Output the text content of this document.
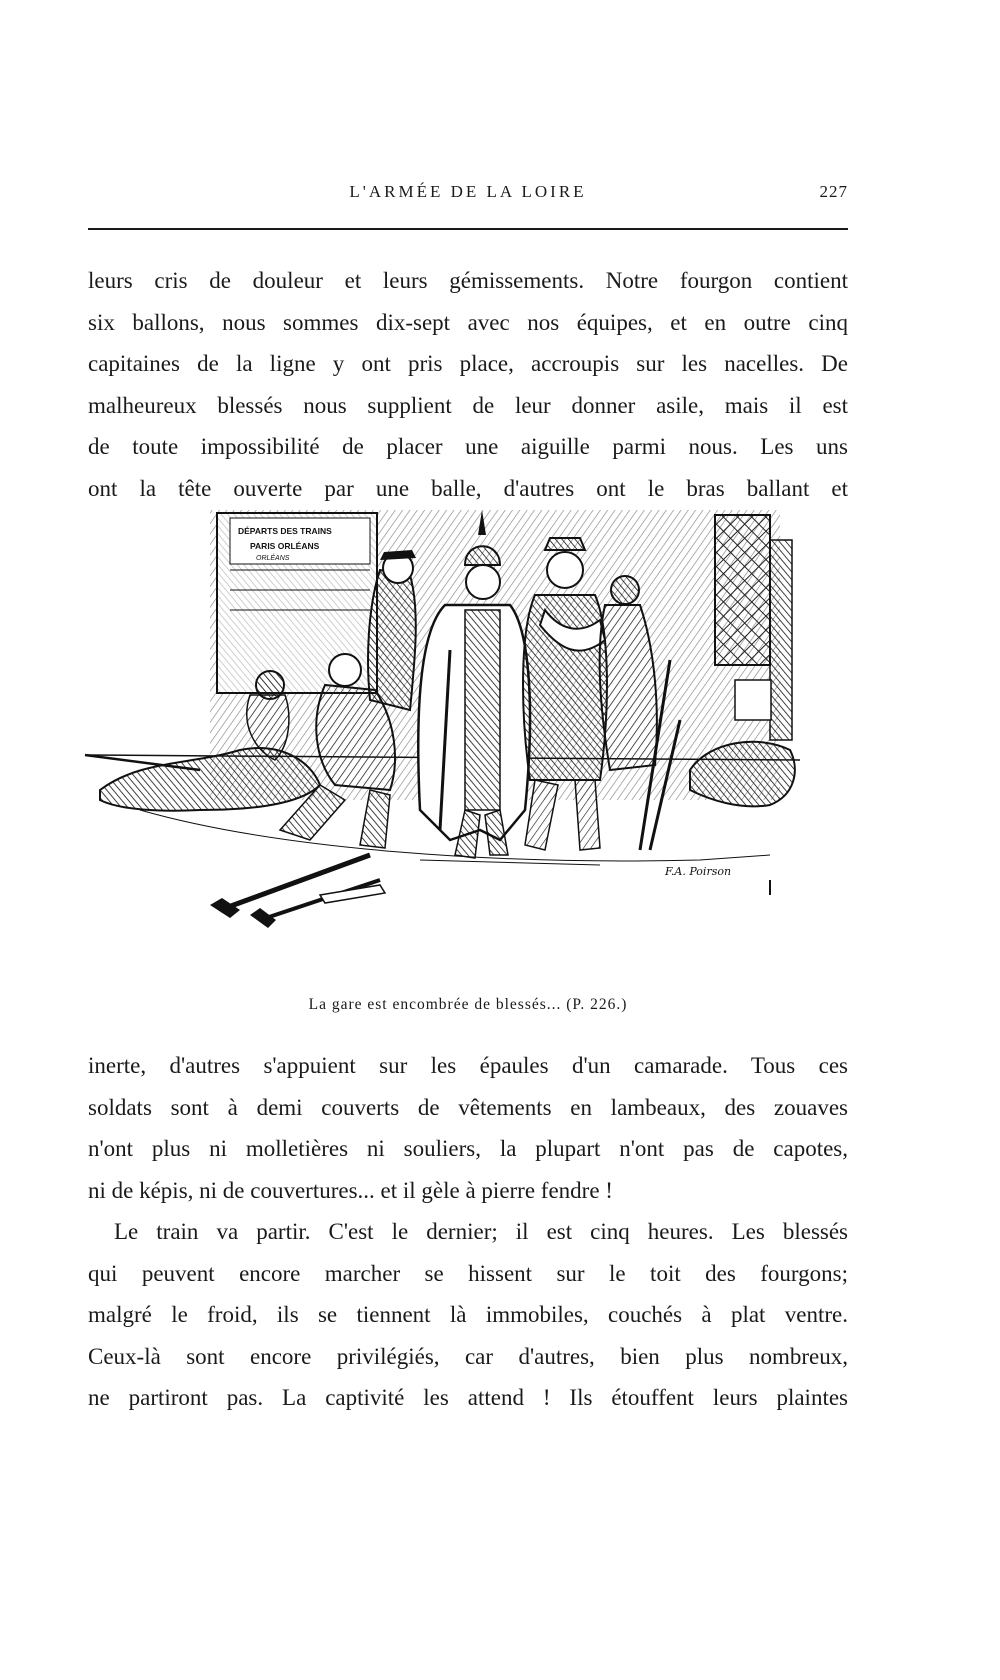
L'ARMÉE DE LA LOIRE	227
leurs cris de douleur et leurs gémissements. Notre fourgon contient
six ballons, nous sommes dix-sept avec nos équipes, et en outre cinq
capitaines de la ligne y ont pris place, accroupis sur les nacelles. De
malheureux blessés nous supplient de leur donner asile, mais il est
de toute impossibilité de placer une aiguille parmi nous. Les uns
ont la tête ouverte par une balle, d'autres ont le bras ballant et
DÉPARTS DES TRAINS
PARIS ORLÉANS
ORLÉANS
F.A. Poirson
La gare est encombrée de blessés... (P. 226.)
inerte, d'autres s'appuient sur les épaules d'un camarade. Tous ces
soldats sont à demi couverts de vêtements en lambeaux, des zouaves
n'ont plus ni molletières ni souliers, la plupart n'ont pas de capotes,
ni de képis, ni de couvertures... et il gèle à pierre fendre !
Le train va partir. C'est le dernier; il est cinq heures. Les blessés
qui peuvent encore marcher se hissent sur le toit des fourgons;
malgré le froid, ils se tiennent là immobiles, couchés à plat ventre.
Ceux-là sont encore privilégiés, car d'autres, bien plus nombreux,
ne partiront pas. La captivité les attend ! Ils étouffent leurs plaintes
